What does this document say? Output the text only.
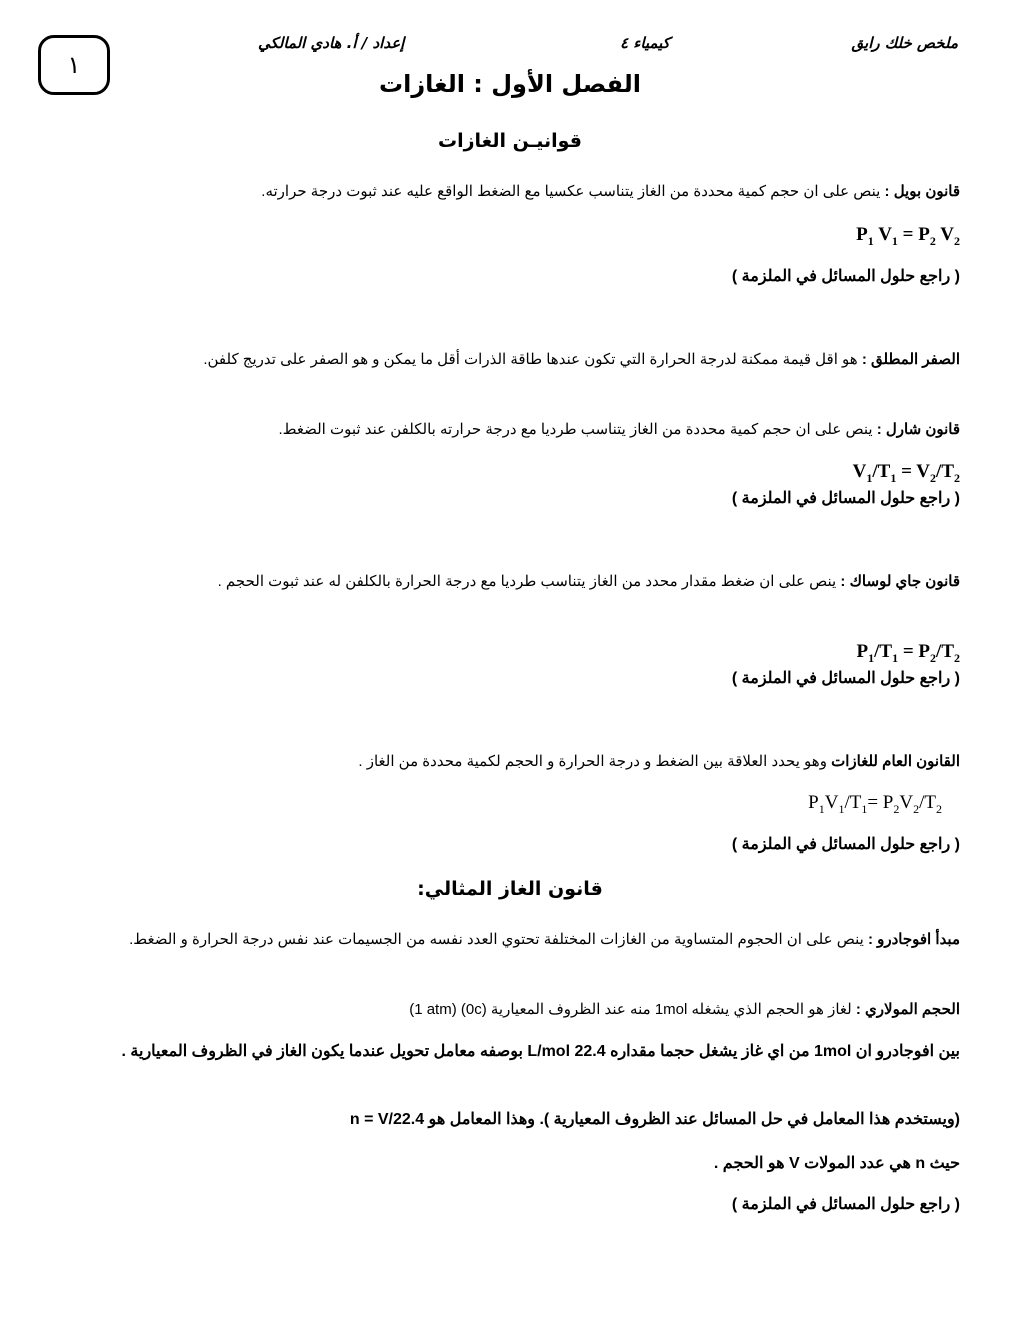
ملخص خلك رايق
كيمياء ٤
إعداد / أ. هادي المالكي
١
الفصل الأول : الغازات
قوانيـن الغازات
قانون بويل : ينص على ان حجم كمية محددة من الغاز يتناسب عكسيا مع الضغط الواقع عليه عند ثبوت درجة حرارته.
$P_1$ $V_1 = P_2$ $V_2$
( راجع حلول المسائل في الملزمة )
الصفر المطلق : هو اقل قيمة ممكنة لدرجة الحرارة التي تكون عندها طاقة الذرات أقل ما يمكن و هو الصفر على تدريج كلفن.
قانون شارل : ينص على ان حجم كمية محددة من الغاز يتناسب طرديا مع درجة حرارته بالكلفن عند ثبوت الضغط.
$V_1/T_1 = V_2/T_2$
( راجع حلول المسائل في الملزمة )
قانون جاي لوساك : ينص على ان ضغط مقدار محدد من الغاز يتناسب طرديا مع درجة الحرارة بالكلفن له عند ثبوت الحجم .
$P_1/T_1 = P_2/T_2$
( راجع حلول المسائل في الملزمة )
القانون العام للغازات وهو يحدد العلاقة بين الضغط و درجة الحرارة و الحجم لكمية محددة من الغاز .
$P_1V_1/T_1= P_2V_2/T_2$
( راجع حلول المسائل في الملزمة )
قانون الغاز المثالي:
مبدأ افوجادرو : ينص على ان الحجوم المتساوية من الغازات المختلفة تحتوي العدد نفسه من الجسيمات عند نفس درجة الحرارة و الضغط.
الحجم المولاري : لغاز هو الحجم الذي يشغله 1mol منه عند الظروف المعيارية (0c) (1 atm)
بين افوجادرو ان 1mol من اي غاز يشغل حجما مقداره 22.4 L/mol بوصفه معامل تحويل عندما يكون الغاز في الظروف المعيارية .
(ويستخدم هذا المعامل في حل المسائل عند الظروف المعيارية ). وهذا المعامل هو n = V/22.4
حيث n هي عدد المولات V هو الحجم .
( راجع حلول المسائل في الملزمة )
